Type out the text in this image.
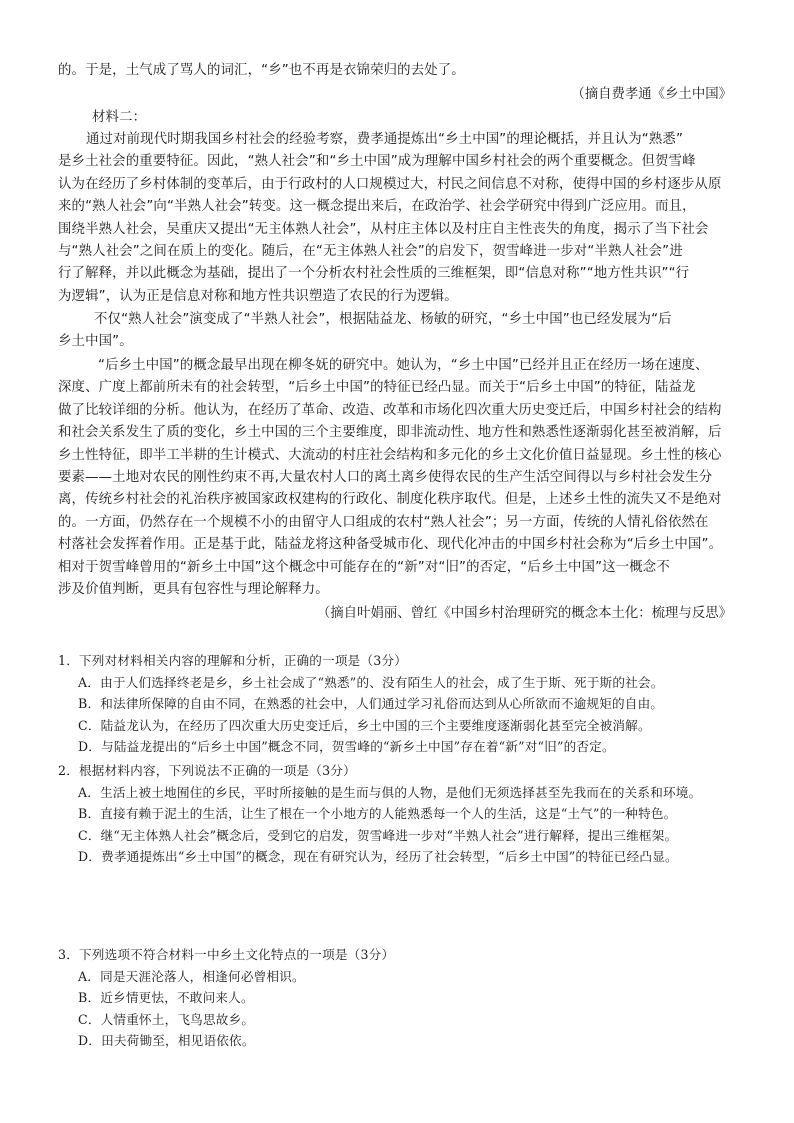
的。于是，土气成了骂人的词汇，“乡”也不再是衣锦荣归的去处了。
（摘自费孝通《乡土中国》
材料二：
通过对前现代时期我国乡村社会的经验考察，费孝通提炼出“乡土中国”的理论概括，并且认为“熟悉”
是乡土社会的重要特征。因此，“熟人社会”和“乡土中国”成为理解中国乡村社会的两个重要概念。但贺雪峰
认为在经历了乡村体制的变革后，由于行政村的人口规模过大，村民之间信息不对称，使得中国的乡村逐步从原
来的“熟人社会”向“半熟人社会”转变。这一概念提出来后，在政治学、社会学研究中得到广泛应用。而且，
围绕半熟人社会，吴重庆又提出“无主体熟人社会”，从村庄主体以及村庄自主性丧失的角度，揭示了当下社会
与“熟人社会”之间在质上的变化。随后，在“无主体熟人社会”的启发下，贺雪峰进一步对“半熟人社会”进
行了解释，并以此概念为基础，提出了一个分析农村社会性质的三维框架，即“信息对称”“地方性共识”“行
为逻辑”，认为正是信息对称和地方性共识塑造了农民的行为逻辑。
不仅“熟人社会”演变成了“半熟人社会”，根据陆益龙、杨敏的研究，“乡土中国”也已经发展为“后
乡土中国”。
“后乡土中国”的概念最早出现在柳冬妩的研究中。她认为，“乡土中国”已经并且正在经历一场在速度、
深度、广度上都前所未有的社会转型，“后乡土中国”的特征已经凸显。而关于“后乡土中国”的特征，陆益龙
做了比较详细的分析。他认为，在经历了革命、改造、改革和市场化四次重大历史变迁后，中国乡村社会的结构
和社会关系发生了质的变化，乡土中国的三个主要维度，即非流动性、地方性和熟悉性逐渐弱化甚至被消解，后
乡土性特征，即半工半耕的生计模式、大流动的村庄社会结构和多元化的乡土文化价值日益显现。乡土性的核心
要素——土地对农民的刚性约束不再,大量农村人口的离土离乡使得农民的生产生活空间得以与乡村社会发生分
离，传统乡村社会的礼治秩序被国家政权建构的行政化、制度化秩序取代。但是，上述乡土性的流失又不是绝对
的。一方面，仍然存在一个规模不小的由留守人口组成的农村“熟人社会”；另一方面，传统的人情礼俗依然在
村落社会发挥着作用。正是基于此，陆益龙将这种备受城市化、现代化冲击的中国乡村社会称为“后乡土中国”。
相对于贺雪峰曾用的“新乡土中国”这个概念中可能存在的“新”对“旧”的否定，“后乡土中国”这一概念不
涉及价值判断，更具有包容性与理论解释力。
（摘自叶娟丽、曾红《中国乡村治理研究的概念本土化：梳理与反思》
1．下列对材料相关内容的理解和分析，正确的一项是（3分）
A．由于人们选择终老是乡，乡土社会成了“熟悉”的、没有陌生人的社会，成了生于斯、死于斯的社会。
B．和法律所保障的自由不同，在熟悉的社会中，人们通过学习礼俗而达到从心所欲而不逾规矩的自由。
C．陆益龙认为，在经历了四次重大历史变迁后，乡土中国的三个主要维度逐渐弱化甚至完全被消解。
D．与陆益龙提出的“后乡土中国”概念不同，贺雪峰的“新乡土中国”存在着“新”对“旧”的否定。
2．根据材料内容，下列说法不正确的一项是（3分）
A．生活上被土地囿住的乡民，平时所接触的是生而与俱的人物，是他们无须选择甚至先我而在的关系和环境。
B．直接有赖于泥土的生活，让生了根在一个小地方的人能熟悉每一个人的生活，这是“土气”的一种特色。
C．继“无主体熟人社会”概念后，受到它的启发，贺雪峰进一步对“半熟人社会”进行解释，提出三维框架。
D．费孝通提炼出“乡土中国”的概念，现在有研究认为，经历了社会转型，“后乡土中国”的特征已经凸显。
3．下列选项不符合材料一中乡土文化特点的一项是（3分）
A．同是天涯沦落人，相逢何必曾相识。
B．近乡情更怯，不敢问来人。
C．人情重怀土，飞鸟思故乡。
D．田夫荷锄至，相见语依依。
